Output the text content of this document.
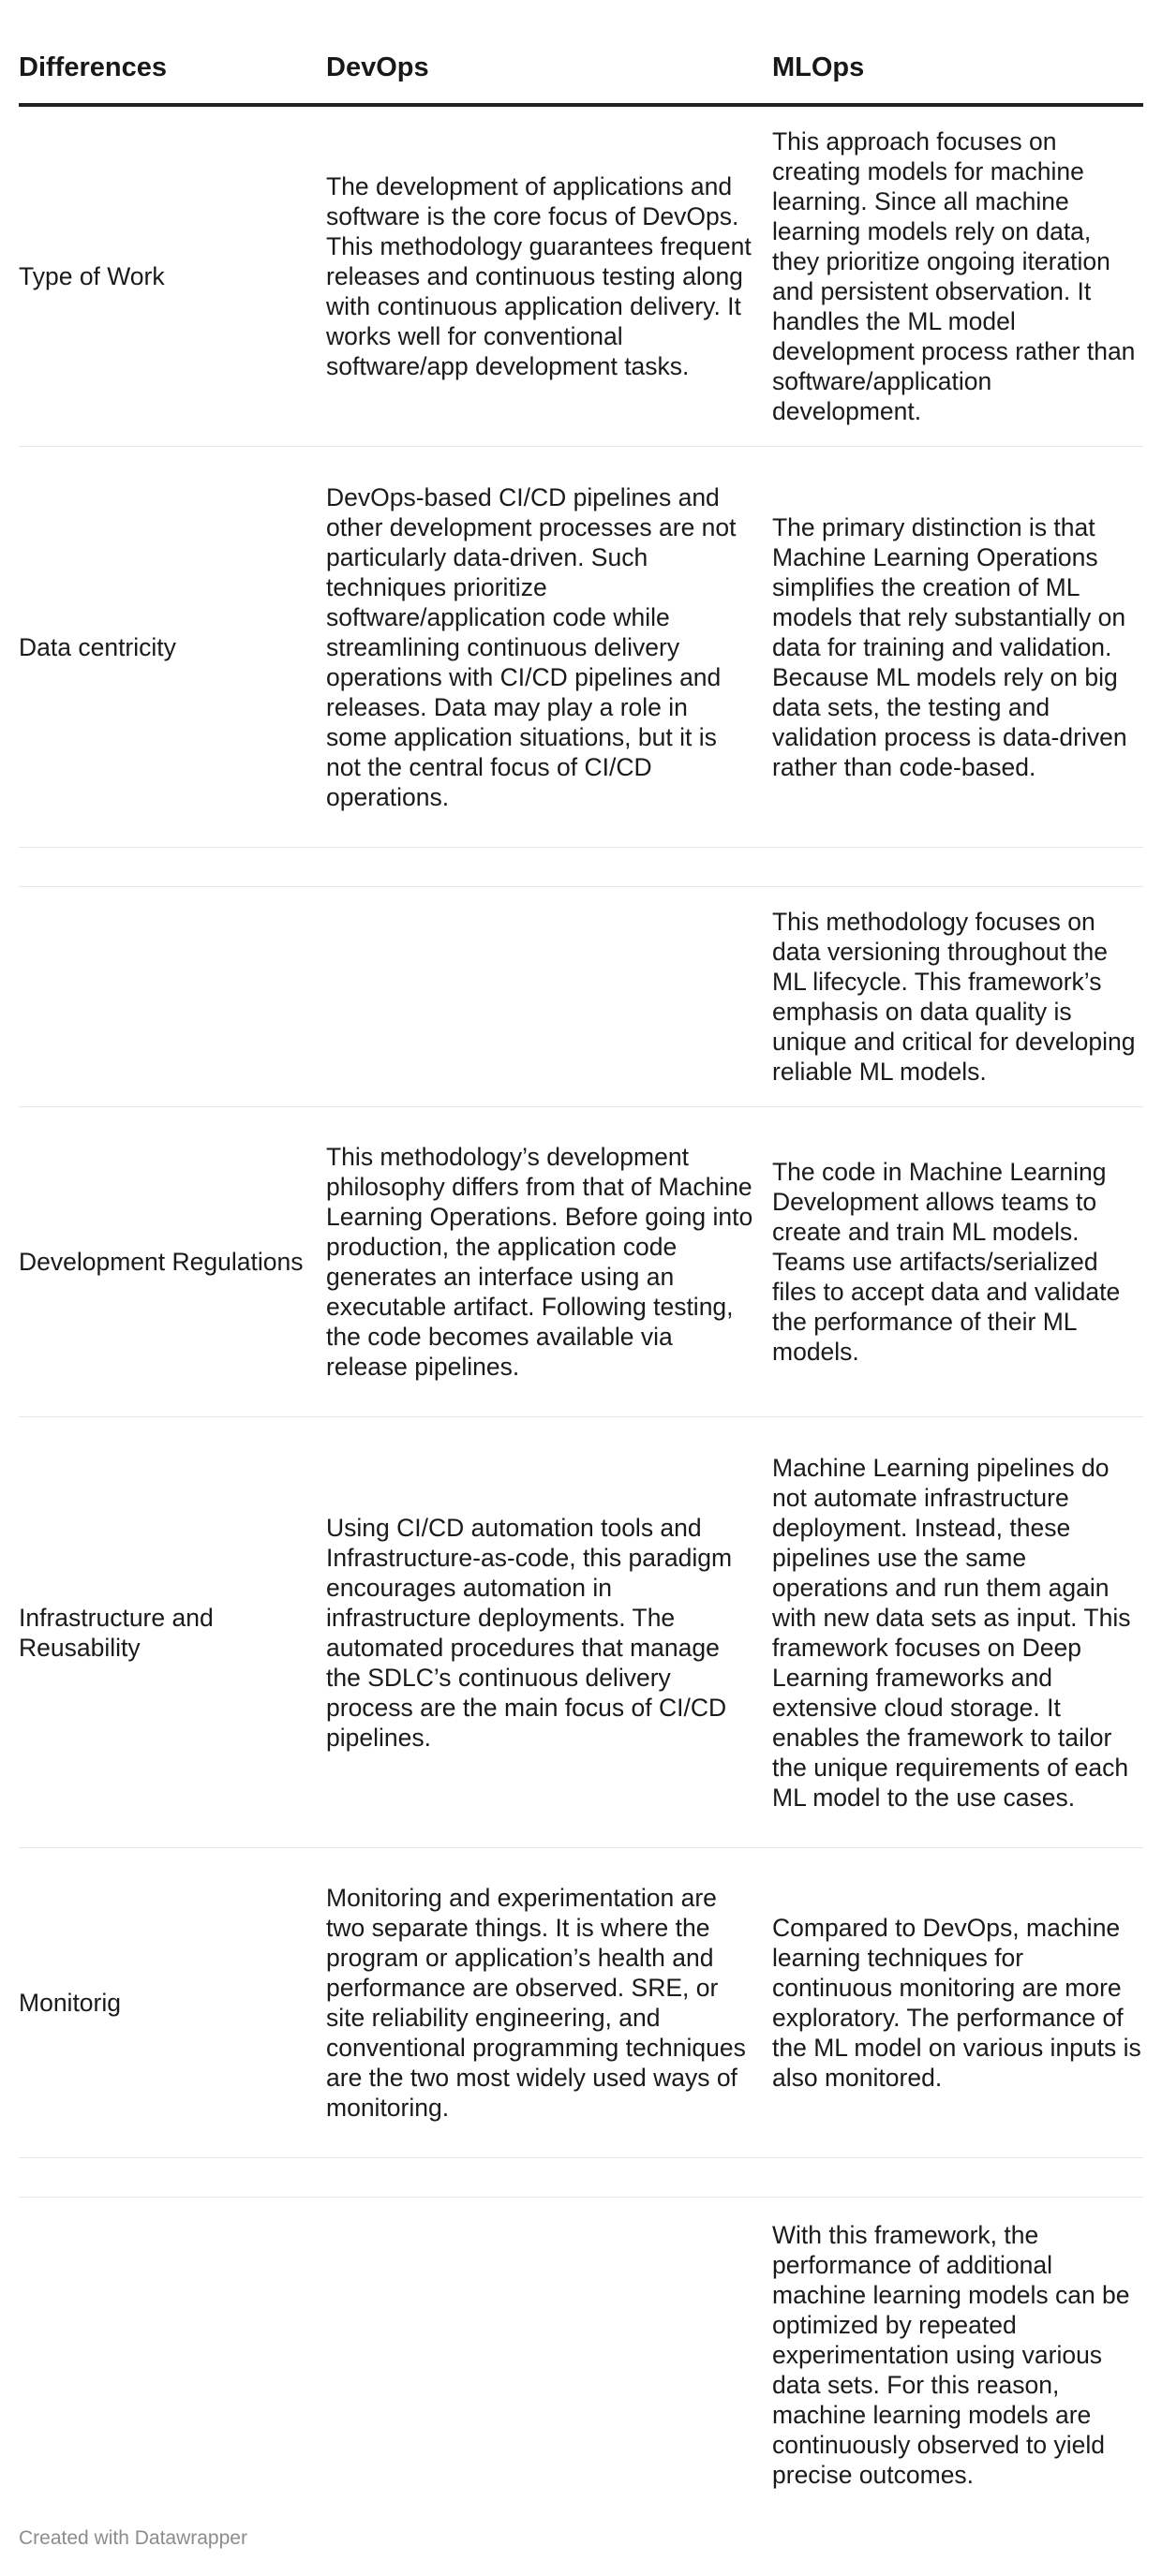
Differences	DevOps	MLOps
Type of Work
The development of applications and software is the core focus of DevOps. This methodology guarantees frequent releases and continuous testing along with continuous application delivery. It works well for conventional software/app development tasks.
This approach focuses on creating models for machine learning. Since all machine learning models rely on data, they prioritize ongoing iteration and persistent observation. It handles the ML model development process rather than software/application development.
Data centricity
DevOps-based CI/CD pipelines and other development processes are not particularly data-driven. Such techniques prioritize software/application code while streamlining continuous delivery operations with CI/CD pipelines and releases. Data may play a role in some application situations, but it is not the central focus of CI/CD operations.
The primary distinction is that Machine Learning Operations simplifies the creation of ML models that rely substantially on data for training and validation. Because ML models rely on big data sets, the testing and validation process is data-driven rather than code-based.
This methodology focuses on data versioning throughout the ML lifecycle. This framework’s emphasis on data quality is unique and critical for developing reliable ML models.
Development Regulations
This methodology’s development philosophy differs from that of Machine Learning Operations. Before going into production, the application code generates an interface using an executable artifact. Following testing, the code becomes available via release pipelines.
The code in Machine Learning Development allows teams to create and train ML models. Teams use artifacts/serialized files to accept data and validate the performance of their ML models.
Infrastructure and Reusability
Using CI/CD automation tools and Infrastructure-as-code, this paradigm encourages automation in infrastructure deployments. The automated procedures that manage the SDLC’s continuous delivery process are the main focus of CI/CD pipelines.
Machine Learning pipelines do not automate infrastructure deployment. Instead, these pipelines use the same operations and run them again with new data sets as input. This framework focuses on Deep Learning frameworks and extensive cloud storage. It enables the framework to tailor the unique requirements of each ML model to the use cases.
Monitorig
Monitoring and experimentation are two separate things. It is where the program or application’s health and performance are observed. SRE, or site reliability engineering, and conventional programming techniques are the two most widely used ways of monitoring.
Compared to DevOps, machine learning techniques for continuous monitoring are more exploratory. The performance of the ML model on various inputs is also monitored.
With this framework, the performance of additional machine learning models can be optimized by repeated experimentation using various data sets. For this reason, machine learning models are continuously observed to yield precise outcomes.
Created with Datawrapper
